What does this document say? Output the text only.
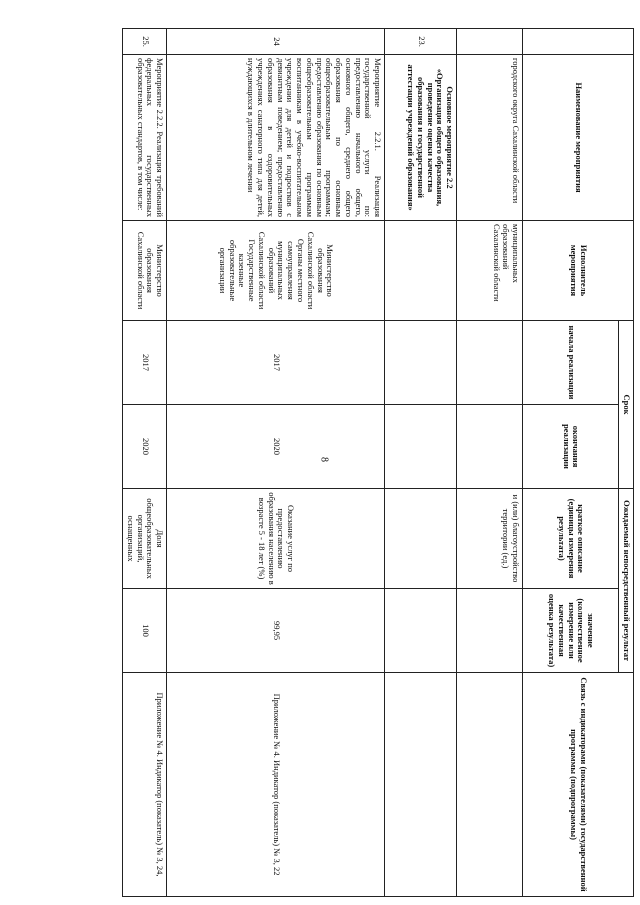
8
	Наименование мероприятия	Исполнитель мероприятия	Срок		Ожидаемый непосредственный результат		Связь с индикаторами (показателями) государственной программы (подпрограммы)
			начала реализации	окончания реализации	краткое описание (единицы измерения результата)	значение (количественное измерение или качественная оценка результата)	
	городского округа Сахалинской области	муниципальных образований Сахалинской области			и (или) благоустройство территории (ед.)		
23.	Основное мероприятие 2.2 «Организация общего образования, проведение оценки качества образования и государственной аттестации учреждений образования»						
24	Мероприятие 2.2.1. Реализация государственной услуги по: предоставлению начального общего, основного общего, среднего общего образования по основным общеобразовательным программам; предоставлению образования по основным общеобразовательным программам воспитанникам в учебно-воспитательном учреждении для детей и подростков с девиантным поведением; предоставлению образования в оздоровительных учреждениях санаторного типа для детей, нуждающихся в длительном лечении	Министерство образования Сахалинской области Органы местного самоуправления муниципальных образований Сахалинской области Государственные казенные образовательные организации	2017	2020	Оказание услуг по предоставлению образования населению в возрасте 5 - 18 лет (%)	99,95	Приложение № 4. Индикатор (показатель) № 3, 22
25.	Мероприятие 2.2.2. Реализация требований федеральных государственных образовательных стандартов, в том числе:	Министерство образования Сахалинской области	2017	2020	Доля общеобразовательных организаций, оснащенных	100	Приложение № 4. Индикатор (показатель) № 3, 24,
